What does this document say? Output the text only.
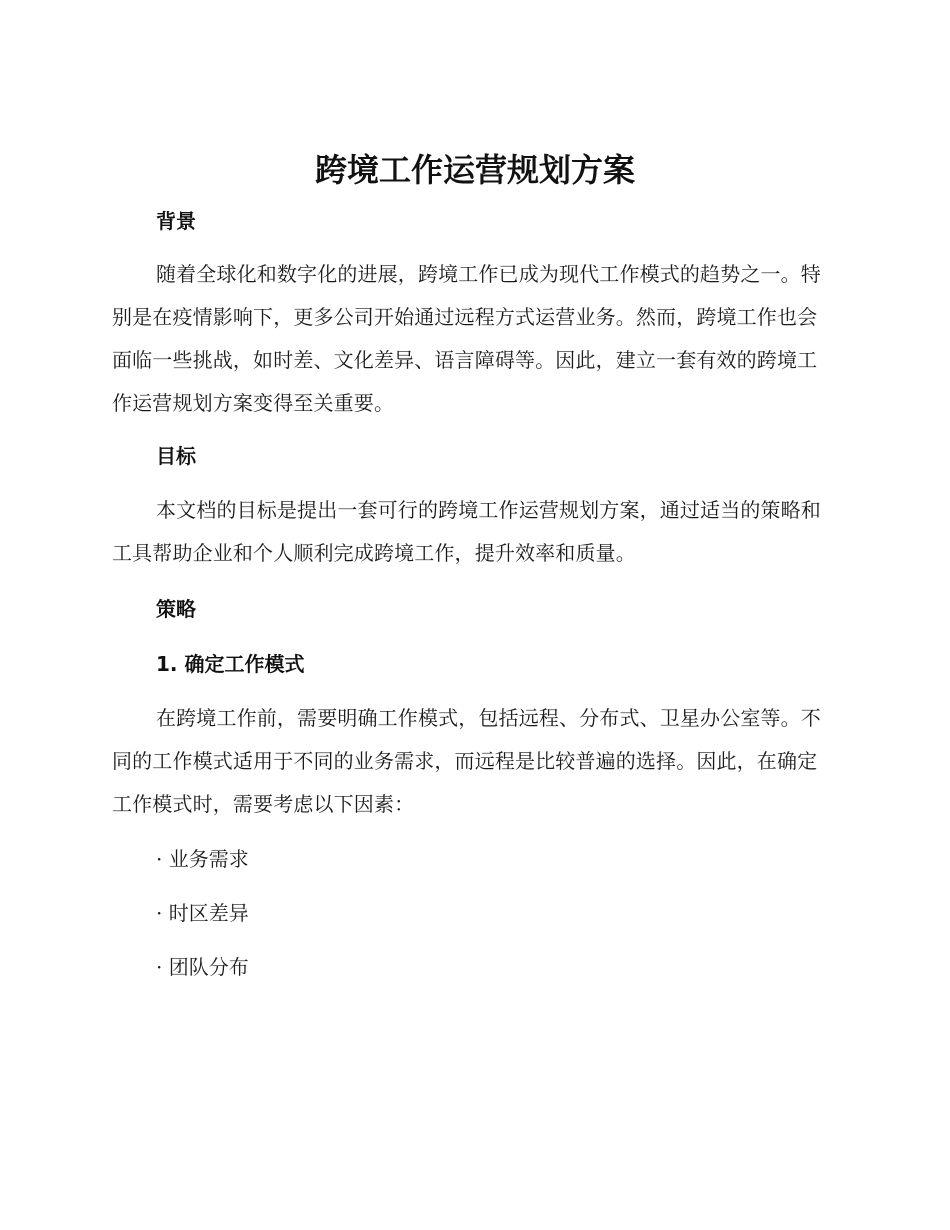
跨境工作运营规划方案
背景
随着全球化和数字化的进展，跨境工作已成为现代工作模式的趋势之一。特别是在疫情影响下，更多公司开始通过远程方式运营业务。然而，跨境工作也会面临一些挑战，如时差、文化差异、语言障碍等。因此，建立一套有效的跨境工作运营规划方案变得至关重要。
目标
本文档的目标是提出一套可行的跨境工作运营规划方案，通过适当的策略和工具帮助企业和个人顺利完成跨境工作，提升效率和质量。
策略
1. 确定工作模式
在跨境工作前，需要明确工作模式，包括远程、分布式、卫星办公室等。不同的工作模式适用于不同的业务需求，而远程是比较普遍的选择。因此，在确定工作模式时，需要考虑以下因素：
· 业务需求
· 时区差异
· 团队分布
